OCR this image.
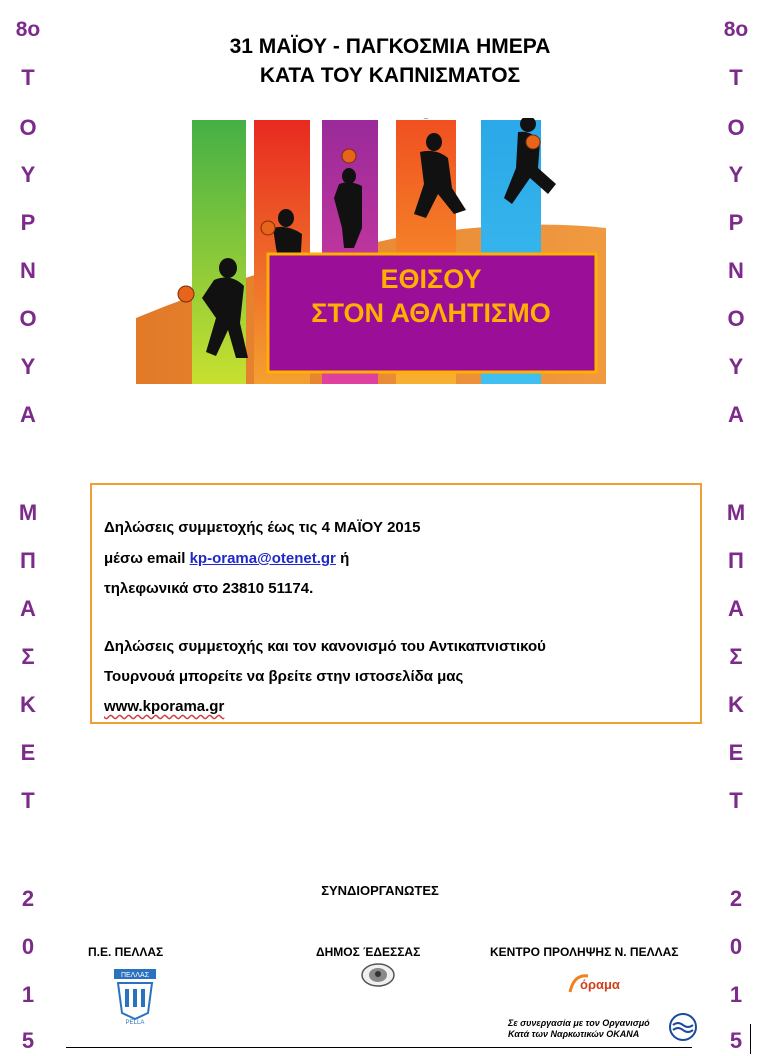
8ο
Τ
Ο
Υ
Ρ
Ν
Ο
Υ
Α
Μ
Π
Α
Σ
Κ
Ε
Τ
2
0
1
5
8ο
Τ
Ο
Υ
Ρ
Ν
Ο
Υ
Α
Μ
Π
Α
Σ
Κ
Ε
Τ
2
0
1
5
31 ΜΑΪΟΥ - ΠΑΓΚΟΣΜΙΑ ΗΜΕΡΑ
ΚΑΤΑ ΤΟΥ ΚΑΠΝΙΣΜΑΤΟΣ
ΕΘΙΣΟΥ
ΣΤΟΝ ΑΘΛΗΤΙΣΜΟ
Δηλώσεις συμμετοχής έως τις 4 ΜΑΪΟΥ 2015
μέσω email kp-orama@otenet.gr ή
τηλεφωνικά στο 23810 51174.
Δηλώσεις συμμετοχής και τον κανονισμό του Αντικαπνιστικού
Τουρνουά μπορείτε να βρείτε στην ιστοσελίδα μας
www.kporama.gr
ΣΥΝΔΙΟΡΓΑΝΩΤΕΣ
Π.Ε. ΠΕΛΛΑΣ	ΔΗΜΟΣ ΈΔΕΣΣΑΣ	ΚΕΝΤΡΟ ΠΡΟΛΗΨΗΣ Ν. ΠΕΛΛΑΣ
ΠΕΛΛΑΣ
PELLA
όραμα
Σε συνεργασία με τον Οργανισμό
Κατά των Ναρκωτικών ΟΚΑΝΑ
